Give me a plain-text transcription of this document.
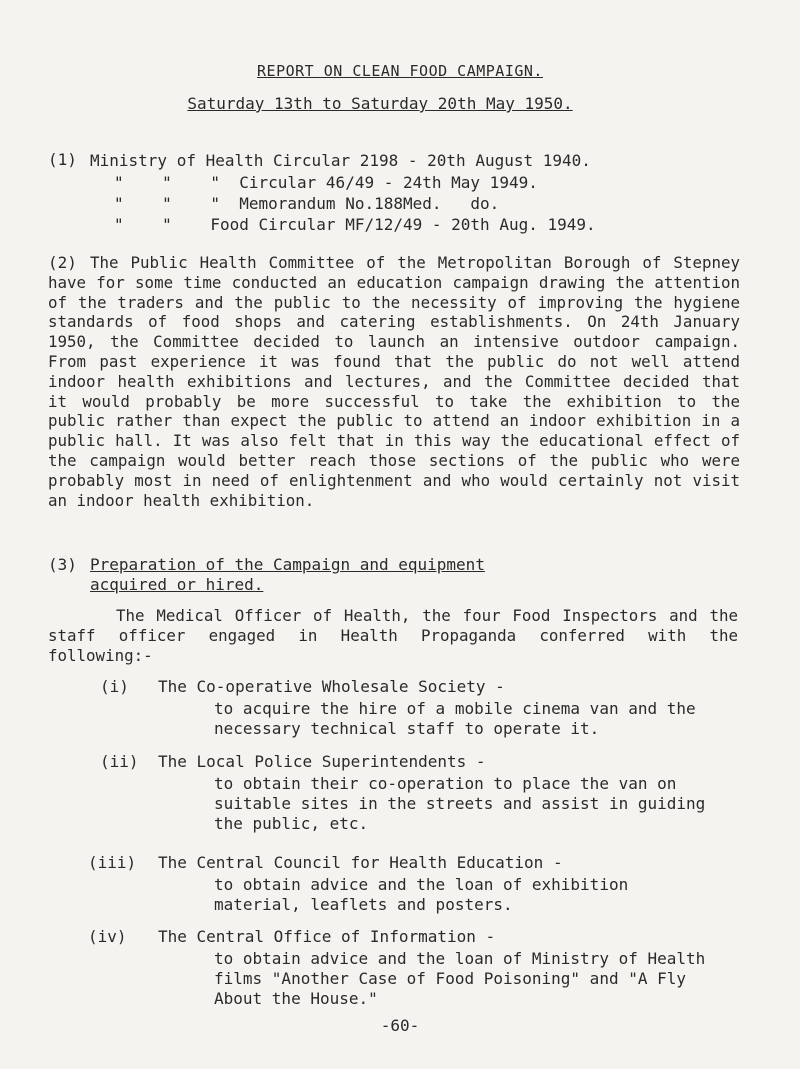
REPORT ON CLEAN FOOD CAMPAIGN.
Saturday 13th to Saturday 20th May 1950.
(1) Ministry of Health Circular 2198 - 20th August 1940.
"    "    "  Circular 46/49 - 24th May 1949.
"    "    "  Memorandum No.188Med.   do.
"    "    Food Circular MF/12/49 - 20th Aug. 1949.
(2) The Public Health Committee of the Metropolitan Borough of Stepney have for some time conducted an education campaign drawing the attention of the traders and the public to the necessity of improving the hygiene standards of food shops and catering establishments. On 24th January 1950, the Committee decided to launch an intensive outdoor campaign. From past experience it was found that the public do not well attend indoor health exhibitions and lectures, and the Committee decided that it would probably be more successful to take the exhibition to the public rather than expect the public to attend an indoor exhibition in a public hall. It was also felt that in this way the educational effect of the campaign would better reach those sections of the public who were probably most in need of enlightenment and who would certainly not visit an indoor health exhibition.
(3) Preparation of the Campaign and equipment
acquired or hired.
The Medical Officer of Health, the four Food Inspectors and the staff officer engaged in Health Propaganda conferred with the following:-
(i) The Co-operative Wholesale Society -
to acquire the hire of a mobile cinema van and the necessary technical staff to operate it.
(ii) The Local Police Superintendents -
to obtain their co-operation to place the van on suitable sites in the streets and assist in guiding the public, etc.
(iii) The Central Council for Health Education -
to obtain advice and the loan of exhibition material, leaflets and posters.
(iv) The Central Office of Information -
to obtain advice and the loan of Ministry of Health films "Another Case of Food Poisoning" and "A Fly About the House."
-60-
